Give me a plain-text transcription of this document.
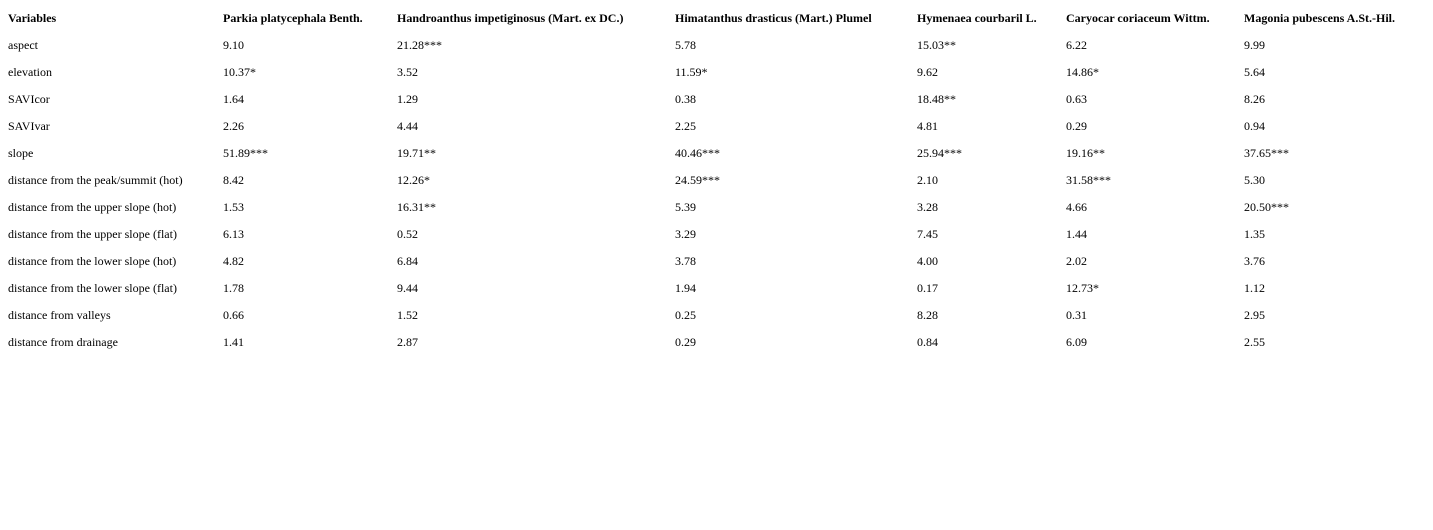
Variables	Parkia platycephala Benth.	Handroanthus impetiginosus (Mart. ex DC.)	Himatanthus drasticus (Mart.) Plumel	Hymenaea courbaril L.	Caryocar coriaceum Wittm.	Magonia pubescens A.St.-Hil.
aspect	9.10	21.28***	5.78	15.03**	6.22	9.99
elevation	10.37*	3.52	11.59*	9.62	14.86*	5.64
SAVIcor	1.64	1.29	0.38	18.48**	0.63	8.26
SAVIvar	2.26	4.44	2.25	4.81	0.29	0.94
slope	51.89***	19.71**	40.46***	25.94***	19.16**	37.65***
distance from the peak/summit (hot)	8.42	12.26*	24.59***	2.10	31.58***	5.30
distance from the upper slope (hot)	1.53	16.31**	5.39	3.28	4.66	20.50***
distance from the upper slope (flat)	6.13	0.52	3.29	7.45	1.44	1.35
distance from the lower slope (hot)	4.82	6.84	3.78	4.00	2.02	3.76
distance from the lower slope (flat)	1.78	9.44	1.94	0.17	12.73*	1.12
distance from valleys	0.66	1.52	0.25	8.28	0.31	2.95
distance from drainage	1.41	2.87	0.29	0.84	6.09	2.55
